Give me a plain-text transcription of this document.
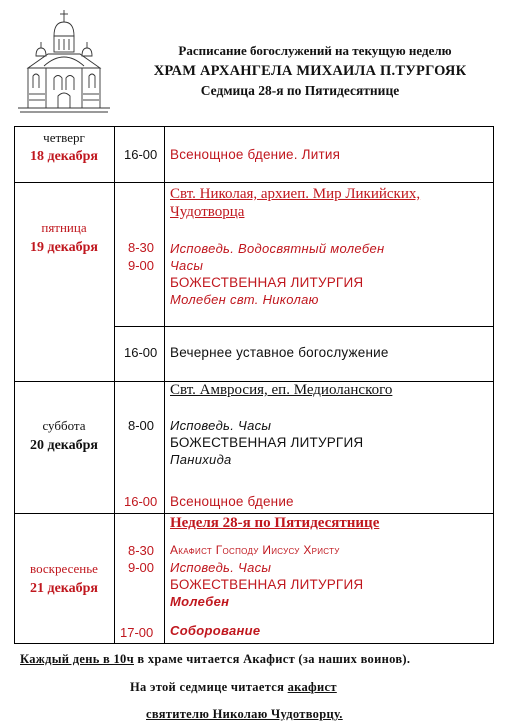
Расписание богослужений на текущую неделю
ХРАМ АРХАНГЕЛА МИХАИЛА П.ТУРГОЯК
Седмица 28-я по Пятидесятнице
четверг
18 декабря	16-00 Всенощное бдение. Лития
пятница
19 декабря
Свт. Николая, архиеп. Мир Ликийских,
Чудотворца
8-30
9-00
Исповедь. Водосвятный молебен
Часы
БОЖЕСТВЕННАЯ ЛИТУРГИЯ
Молебен свт. Николаю
16-00 Вечернее уставное богослужение
суббота
20 декабря
Свт. Амвросия, еп. Медиоланского
8-00 Исповедь. Часы
БОЖЕСТВЕННАЯ ЛИТУРГИЯ
Панихида
16-00 Всенощное бдение
воскресенье
21 декабря
Неделя 28-я по Пятидесятнице
8-30
9-00
Акафист Господу Иисусу Христу
Исповедь. Часы
БОЖЕСТВЕННАЯ ЛИТУРГИЯ
Молебен
17-00 Соборование
Каждый день в 10ч в храме читается Акафист (за наших воинов).
На этой седмице читается акафист
святителю Николаю Чудотворцу.
